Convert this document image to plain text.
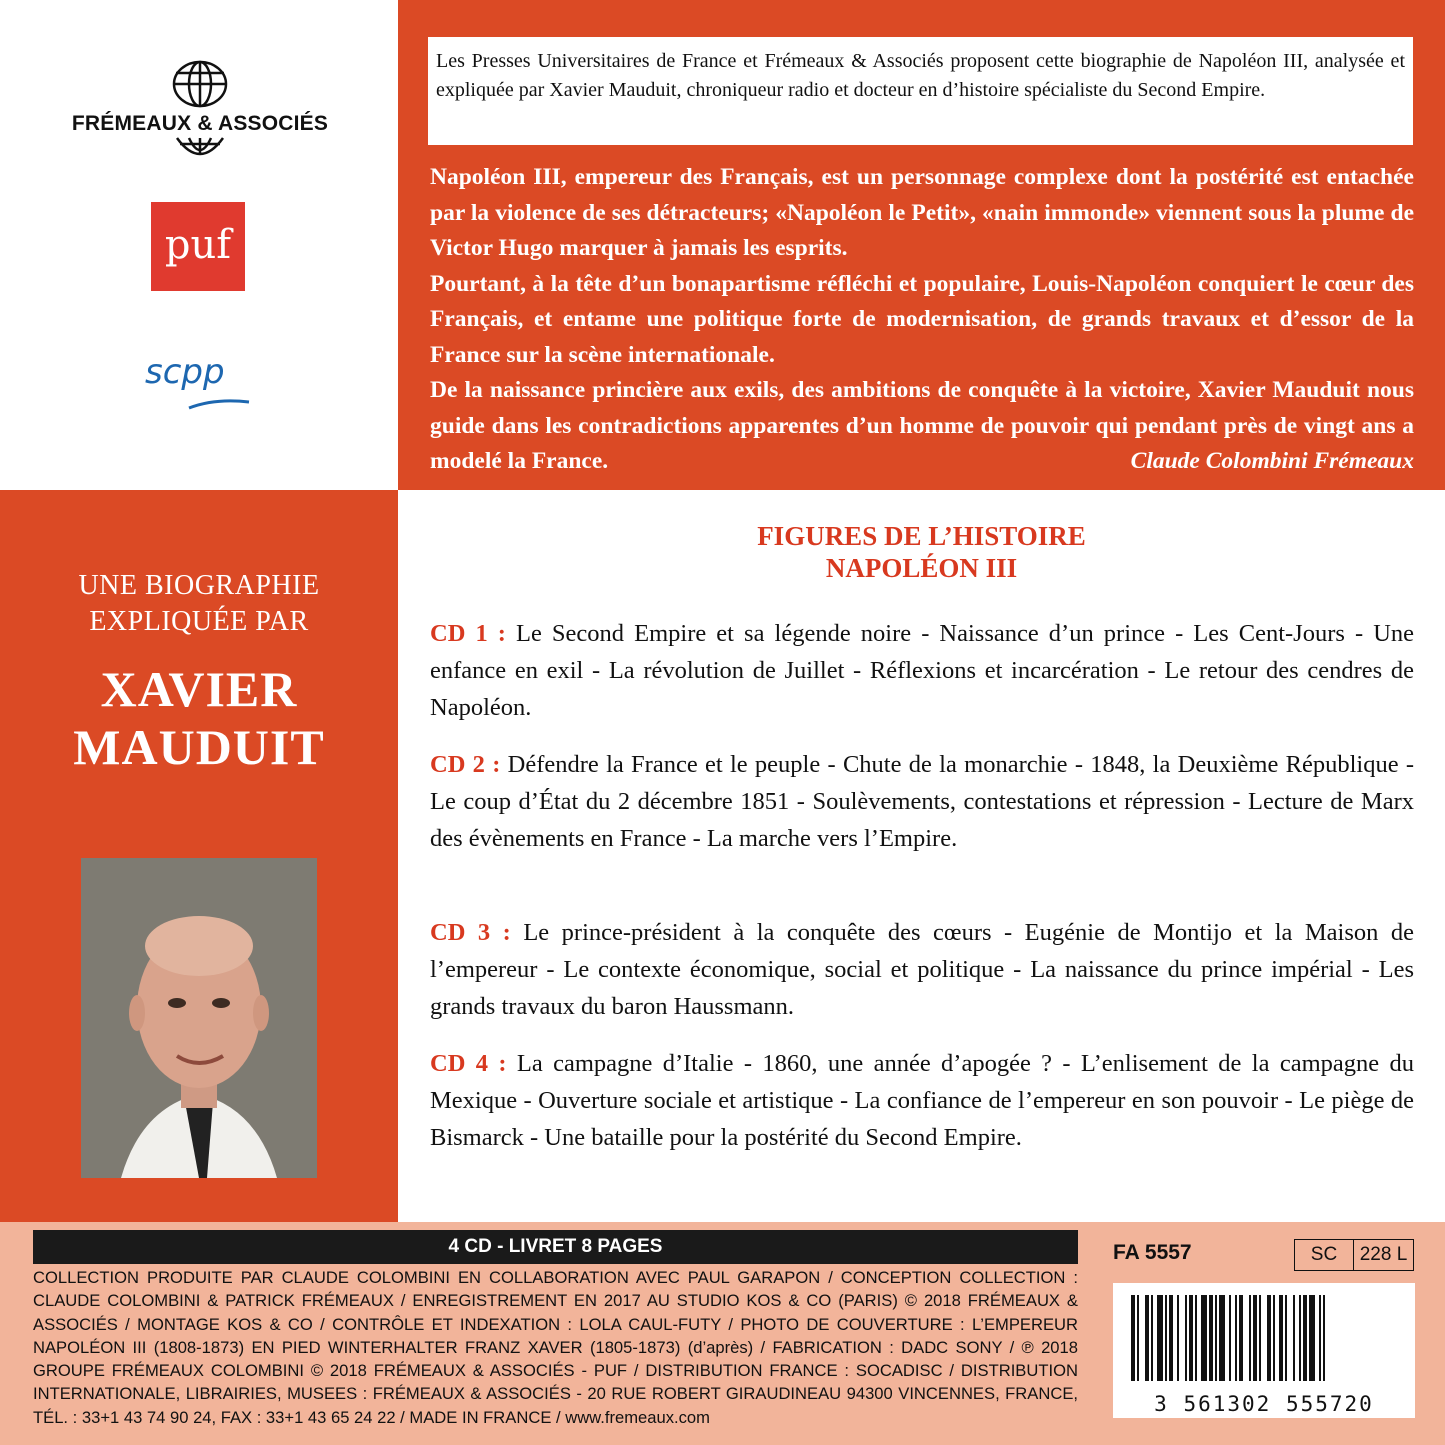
FRÉMEAUX & ASSOCIÉS
puf
scpp
Les Presses Universitaires de France et Frémeaux & Associés proposent cette biographie de Napoléon III, analysée et expliquée par Xavier Mauduit, chroniqueur radio et docteur en d’histoire spécialiste du Second Empire.

Napoléon III, empereur des Français, est un personnage complexe dont la postérité est entachée par la violence de ses détracteurs; «Napoléon le Petit», «nain immonde» viennent sous la plume de Victor Hugo marquer à jamais les esprits.

Pourtant, à la tête d’un bonapartisme réfléchi et populaire, Louis-Napoléon conquiert le cœur des Français, et entame une politique forte de modernisation, de grands travaux et d’essor de la France sur la scène internationale.

De la naissance princière aux exils, des ambitions de conquête à la victoire, Xavier Mauduit nous guide dans les contradictions apparentes d’un homme de pouvoir qui pendant près de vingt ans a modelé la France.	Claude Colombini Frémeaux

UNE BIOGRAPHIE
EXPLIQUÉE PAR
XAVIER
MAUDUIT
FIGURES DE L’HISTOIRE
NAPOLÉON III
CD 1 : Le Second Empire et sa légende noire - Naissance d’un prince - Les Cent-Jours - Une enfance en exil - La révolution de Juillet - Réflexions et incarcération - Le retour des cendres de Napoléon.
CD 2 : Défendre la France et le peuple - Chute de la monarchie - 1848, la Deuxième République - Le coup d’État du 2 décembre 1851 - Soulèvements, contestations et répression - Lecture de Marx des évènements en France - La marche vers l’Empire.
CD 3 : Le prince-président à la conquête des cœurs - Eugénie de Montijo et la Maison de l’empereur - Le contexte économique, social et politique - La naissance du prince impérial - Les grands travaux du baron Haussmann.
CD 4 : La campagne d’Italie - 1860, une année d’apogée ? - L’enlisement de la campagne du Mexique - Ouverture sociale et artistique - La confiance de l’empereur en son pouvoir - Le piège de Bismarck - Une bataille pour la postérité du Second Empire.
4 CD - LIVRET 8 PAGES
COLLECTION PRODUITE PAR CLAUDE COLOMBINI EN COLLABORATION AVEC PAUL GARAPON / CONCEPTION COLLECTION : CLAUDE COLOMBINI & PATRICK FRÉMEAUX / ENREGISTREMENT EN 2017 AU STUDIO KOS & CO (PARIS) © 2018 FRÉMEAUX & ASSOCIÉS / MONTAGE KOS & CO / CONTRÔLE ET INDEXATION : LOLA CAUL-FUTY / PHOTO DE COUVERTURE : L’EMPEREUR NAPOLÉON III (1808-1873) EN PIED WINTERHALTER FRANZ XAVER (1805-1873) (d’après) / FABRICATION : DADC SONY / ℗ 2018 GROUPE FRÉMEAUX COLOMBINI © 2018 FRÉMEAUX & ASSOCIÉS - PUF / DISTRIBUTION FRANCE : SOCADISC / DISTRIBUTION INTERNATIONALE, LIBRAIRIES, MUSEES : FRÉMEAUX & ASSOCIÉS - 20 RUE ROBERT GIRAUDINEAU 94300 VINCENNES, FRANCE, TÉL. : 33+1 43 74 90 24, FAX : 33+1 43 65 24 22 / MADE IN FRANCE / www.fremeaux.com
FA 5557	SC	228 L
3 561302 555720
